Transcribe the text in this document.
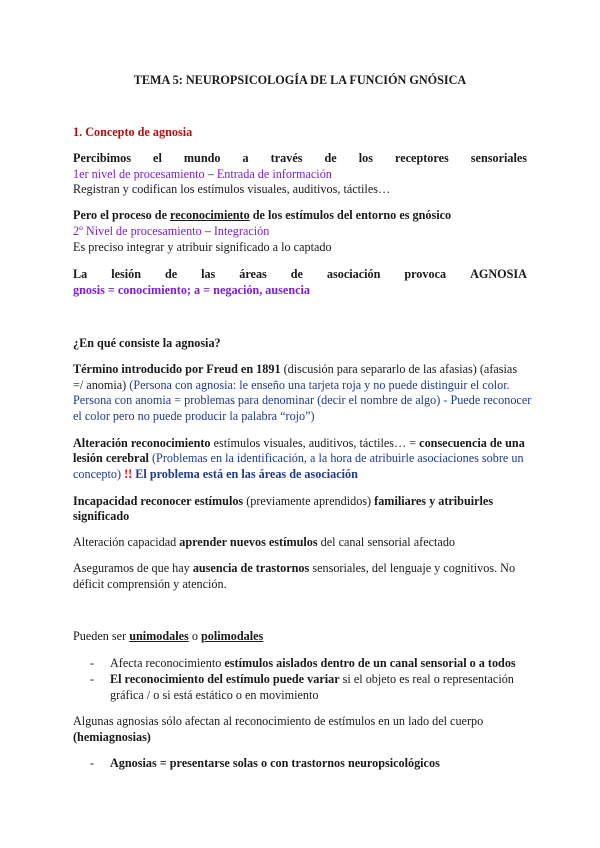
TEMA 5: NEUROPSICOLOGÍA DE LA FUNCIÓN GNÓSICA
1. Concepto de agnosia
Percibimos el mundo a través de los receptores sensoriales
1er nivel de procesamiento – Entrada de información
Registran y codifican los estímulos visuales, auditivos, táctiles…
Pero el proceso de reconocimiento de los estímulos del entorno es gnósico
2º Nivel de procesamiento – Integración
Es preciso integrar y atribuir significado a lo captado
La lesión de las áreas de asociación provoca AGNOSIA
gnosis = conocimiento; a = negación, ausencia
¿En qué consiste la agnosia?
Término introducido por Freud en 1891 (discusión para separarlo de las afasias) (afasias
=/ anomia) (Persona con agnosia: le enseño una tarjeta roja y no puede distinguir el color.
Persona con anomia = problemas para denominar (decir el nombre de algo) - Puede reconocer
el color pero no puede producir la palabra “rojo”)
Alteración reconocimiento estímulos visuales, auditivos, táctiles… = consecuencia de una
lesión cerebral (Problemas en la identificación, a la hora de atribuirle asociaciones sobre un
concepto) !! El problema está en las áreas de asociación
Incapacidad reconocer estímulos (previamente aprendidos) familiares y atribuirles
significado
Alteración capacidad aprender nuevos estímulos del canal sensorial afectado
Aseguramos de que hay ausencia de trastornos sensoriales, del lenguaje y cognitivos. No
déficit comprensión y atención.
Pueden ser unimodales o polimodales
- Afecta reconocimiento estímulos aislados dentro de un canal sensorial o a todos
- El reconocimiento del estímulo puede variar si el objeto es real o representación
gráfica / o si está estático o en movimiento
Algunas agnosias sólo afectan al reconocimiento de estímulos en un lado del cuerpo
(hemiagnosias)
- Agnosias = presentarse solas o con trastornos neuropsicológicos
